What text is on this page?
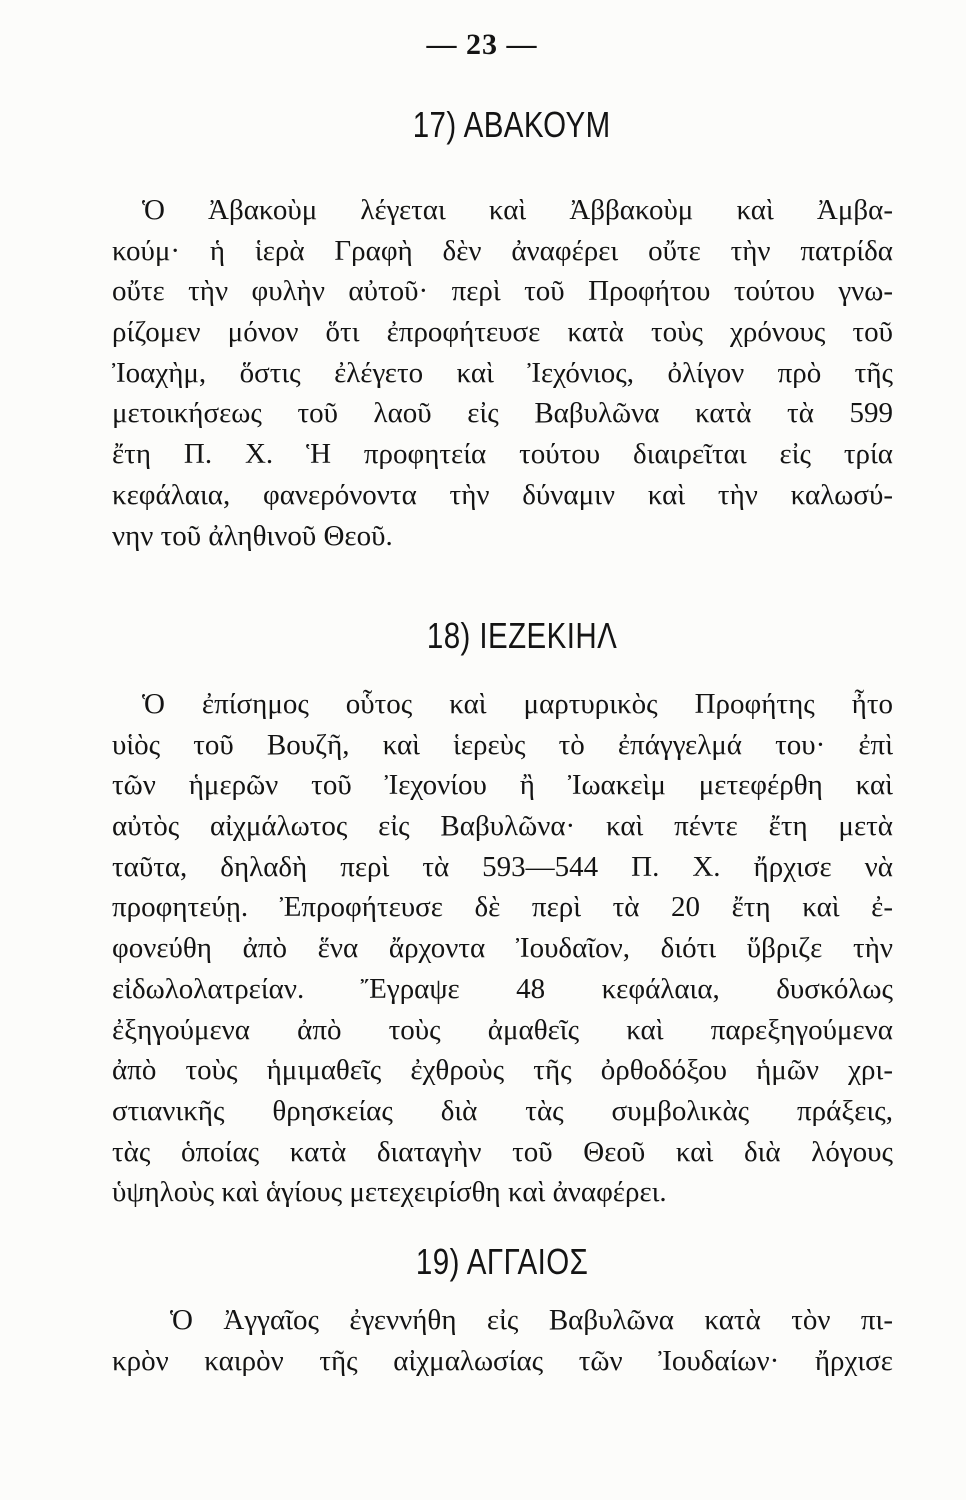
— 23 —
17) ΑΒΑΚΟΥΜ
Ὁ Ἀβακοὺμ λέγεται καὶ Ἀββακοὺμ καὶ Ἀμβα-
κούμ· ἡ ἱερὰ Γραφὴ δὲν ἀναφέρει οὔτε τὴν πατρίδα
οὔτε τὴν φυλὴν αὐτοῦ· περὶ τοῦ Προφήτου τούτου γνω-
ρίζομεν μόνον ὅτι ἐπροφήτευσε κατὰ τοὺς χρόνους τοῦ
Ἰοαχὴμ, ὅστις ἐλέγετο καὶ Ἰεχόνιος, ὀλίγον πρὸ τῆς
μετοικήσεως τοῦ λαοῦ εἰς Βαβυλῶνα κατὰ τὰ 599
ἔτη Π. Χ. Ἡ προφητεία τούτου διαιρεῖται εἰς τρία
κεφάλαια, φανερόνοντα τὴν δύναμιν καὶ τὴν καλωσύ-
νην τοῦ ἀληθινοῦ Θεοῦ.
18) ΙΕΖΕΚΙΗΛ
Ὁ ἐπίσημος οὗτος καὶ μαρτυρικὸς Προφήτης ἦτο
υἱὸς τοῦ Βουζῆ, καὶ ἱερεὺς τὸ ἐπάγγελμά του· ἐπὶ
τῶν ἡμερῶν τοῦ Ἰεχονίου ἢ Ἰωακεὶμ μετεφέρθη καὶ
αὐτὸς αἰχμάλωτος εἰς Βαβυλῶνα· καὶ πέντε ἔτη μετὰ
ταῦτα, δηλαδὴ περὶ τὰ 593—544 Π. Χ. ἤρχισε νὰ
προφητεύῃ. Ἐπροφήτευσε δὲ περὶ τὰ 20 ἔτη καὶ ἐ-
φονεύθη ἀπὸ ἕνα ἄρχοντα Ἰουδαῖον, διότι ὕβριζε τὴν
εἰδωλολατρείαν. Ἔγραψε 48 κεφάλαια, δυσκόλως
ἐξηγούμενα ἀπὸ τοὺς ἀμαθεῖς καὶ παρεξηγούμενα
ἀπὸ τοὺς ἡμιμαθεῖς ἐχθροὺς τῆς ὀρθοδόξου ἡμῶν χρι-
στιανικῆς θρησκείας διὰ τὰς συμβολικὰς πράξεις,
τὰς ὁποίας κατὰ διαταγὴν τοῦ Θεοῦ καὶ διὰ λόγους
ὑψηλοὺς καὶ ἁγίους μετεχειρίσθη καὶ ἀναφέρει.
19) ΑΓΓΑΙΟΣ
Ὁ Ἀγγαῖος ἐγεννήθη εἰς Βαβυλῶνα κατὰ τὸν πι-
κρὸν καιρὸν τῆς αἰχμαλωσίας τῶν Ἰουδαίων· ἤρχισε
